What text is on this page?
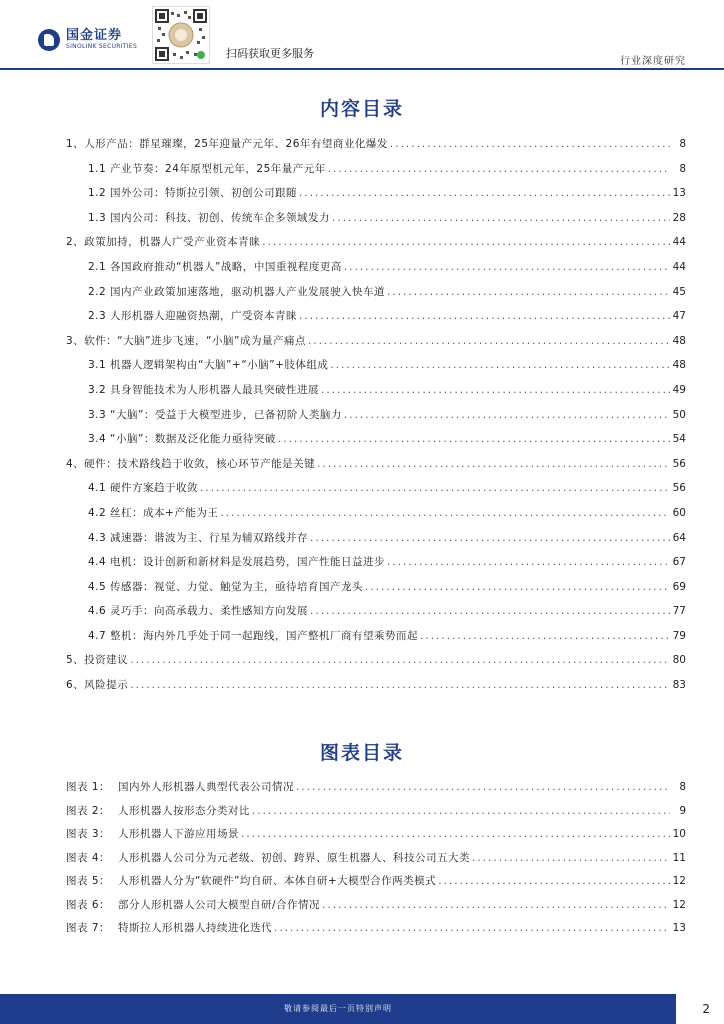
国金证券
SINOLINK SECURITIES
扫码获取更多服务
行业深度研究
内容目录
1、人形产品：群星璀璨，25年迎量产元年、26年有望商业化爆发 .....	8
1.1 产业节奏：24年原型机元年，25年量产元年 .....	8
1.2 国外公司：特斯拉引领、初创公司跟随 .....	13
1.3 国内公司：科技、初创、传统车企多领域发力 .....	28
2、政策加持，机器人广受产业资本青睐 .....	44
2.1 各国政府推动“机器人”战略，中国重视程度更高 .....	44
2.2 国内产业政策加速落地，驱动机器人产业发展驶入快车道 .....	45
2.3 人形机器人迎融资热潮，广受资本青睐 .....	47
3、软件：“大脑”进步飞速，“小脑”成为量产痛点 .....	48
3.1 机器人逻辑架构由“大脑”+“小脑”+肢体组成 .....	48
3.2 具身智能技术为人形机器人最具突破性进展 .....	49
3.3 “大脑”：受益于大模型进步，已备初阶人类脑力 .....	50
3.4 “小脑”：数据及泛化能力亟待突破 .....	54
4、硬件：技术路线趋于收敛，核心环节产能是关键 .....	56
4.1 硬件方案趋于收敛 .....	56
4.2 丝杠：成本+产能为王 .....	60
4.3 减速器：谐波为主、行星为辅双路线并存 .....	64
4.4 电机：设计创新和新材料是发展趋势，国产性能日益进步 .....	67
4.5 传感器：视觉、力觉、触觉为主，亟待培育国产龙头 .....	69
4.6 灵巧手：向高承载力、柔性感知方向发展 .....	77
4.7 整机：海内外几乎处于同一起跑线，国产整机厂商有望乘势而起 .....	79
5、投资建议 .....	80
6、风险提示 .....	83
图表目录
图表 1： 国内外人形机器人典型代表公司情况 .....	8
图表 2： 人形机器人按形态分类对比 .....	9
图表 3： 人形机器人下游应用场景 .....	10
图表 4： 人形机器人公司分为元老级、初创、跨界、原生机器人、科技公司五大类 .....	11
图表 5： 人形机器人分为“软硬件”均自研、本体自研+大模型合作两类模式 .....	12
图表 6： 部分人形机器人公司大模型自研/合作情况 .....	12
图表 7： 特斯拉人形机器人持续进化迭代 .....	13
敬请参阅最后一页特别声明	2
